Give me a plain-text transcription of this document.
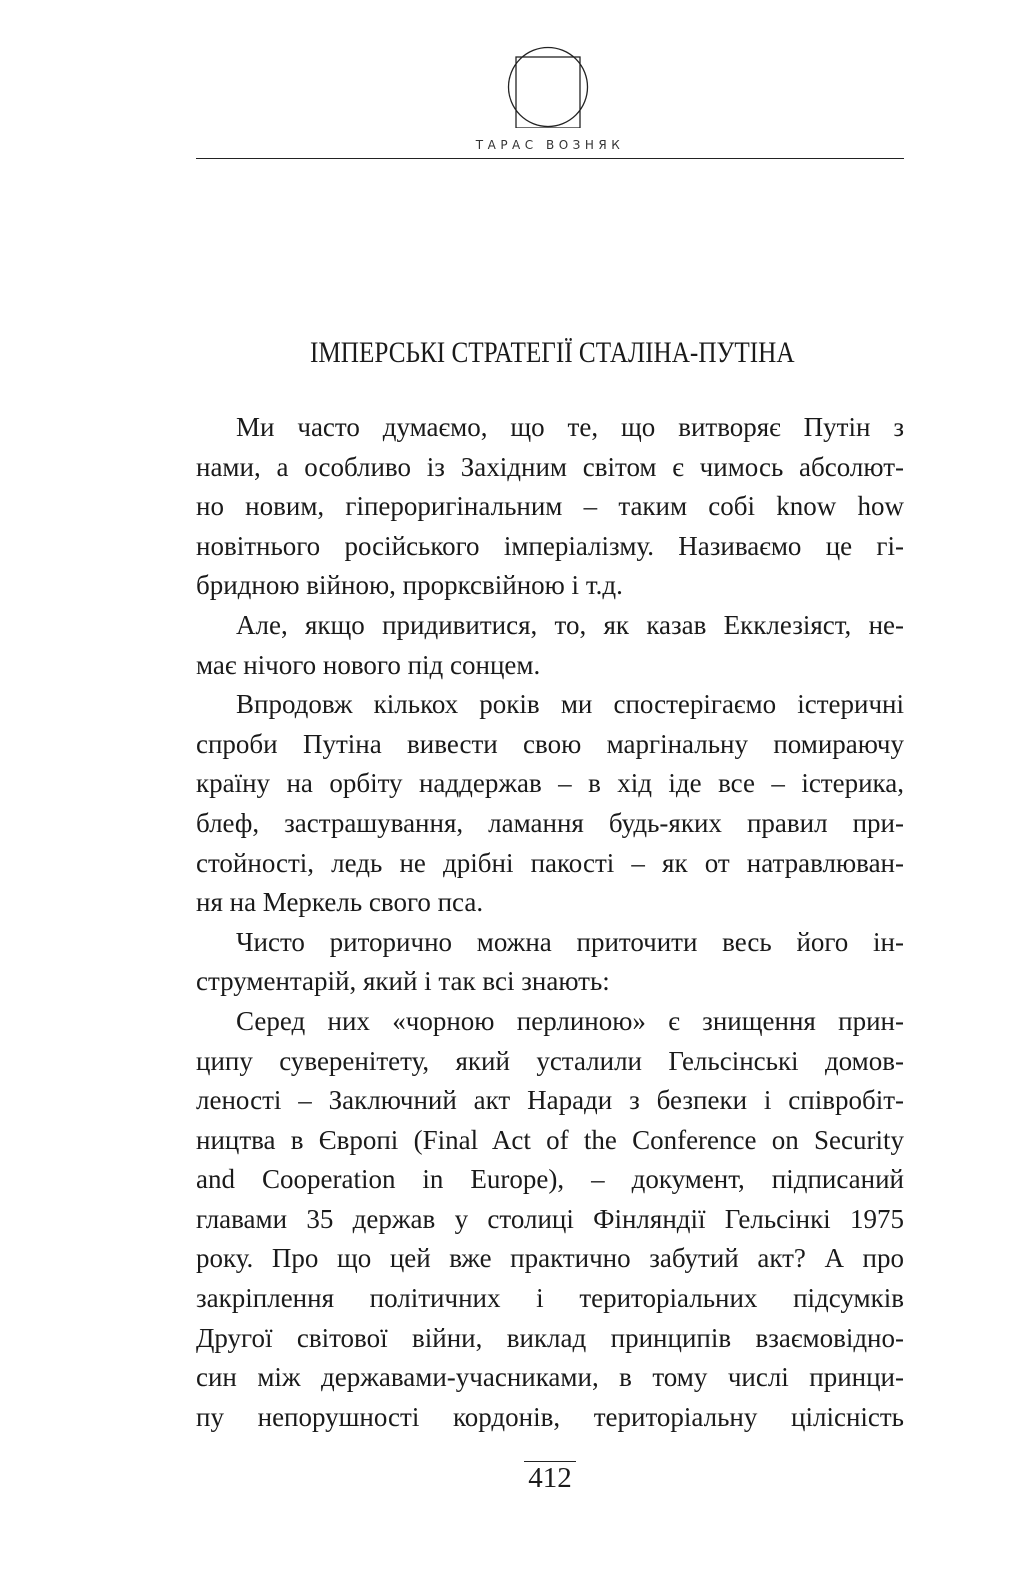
ТАРАС ВОЗНЯК
ІМПЕРСЬКІ СТРАТЕГІЇ СТАЛІНА-ПУТІНА
Ми часто думаємо, що те, що витворяє Путін з
нами, а особливо із Західним світом є чимось абсолют-
но новим, гіпероригінальним – таким собі know how
новітнього російського імперіалізму. Називаємо це гі-
бридною війною, прорксвійною і т.д.
Але, якщо придивитися, то, як казав Екклезіяст, не-
має нічого нового під сонцем.
Впродовж кількох років ми спостерігаємо істеричні
спроби Путіна вивести свою маргінальну помираючу
країну на орбіту наддержав – в хід іде все – істерика,
блеф, застрашування, ламання будь-яких правил при-
стойності, ледь не дрібні пакості – як от натравлюван-
ня на Меркель свого пса.
Чисто риторично можна приточити весь його ін-
струментарій, який і так всі знають:
Серед них «чорною перлиною» є знищення прин-
ципу суверенітету, який усталили Гельсінські домов-
леності – Заключний акт Наради з безпеки і співробіт-
ництва в Європі (Final Act of the Conference on Security
and Cooperation in Europe), – документ, підписаний
главами 35 держав у столиці Фінляндії Гельсінкі 1975
року. Про що цей вже практично забутий акт? А про
закріплення політичних і територіальних підсумків
Другої світової війни, виклад принципів взаємовідно-
син між державами-учасниками, в тому числі принци-
пу непорушності кордонів, територіальну цілісність
412
